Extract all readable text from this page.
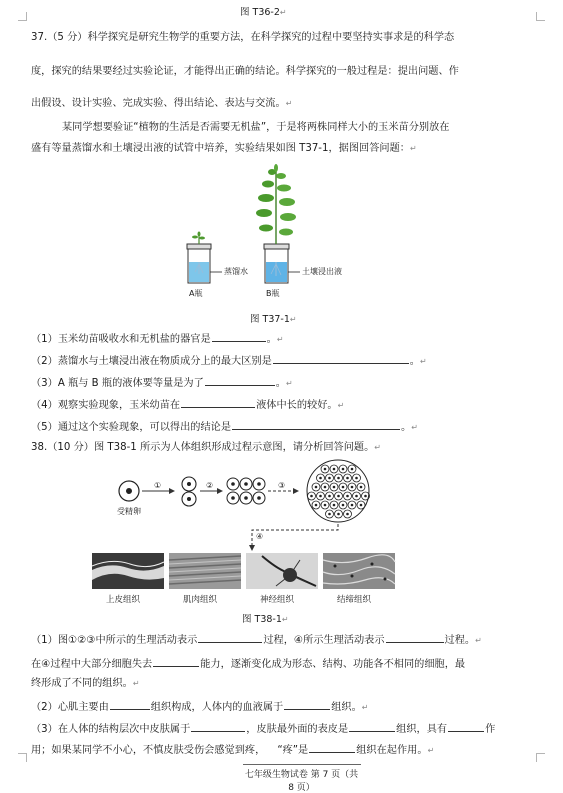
图 T36-2↵
37.（5 分）科学探究是研究生物学的重要方法，在科学探究的过程中要坚持实事求是的科学态
度，探究的结果要经过实验论证，才能得出正确的结论。科学探究的一般过程是：提出问题、作
出假设、设计实验、完成实验、得出结论、表达与交流。↵
某同学想要验证“植物的生活是否需要无机盐”，于是将两株同样大小的玉米苗分别放在
盛有等量蒸馏水和土壤浸出液的试管中培养，实验结果如图 T37-1，据图回答问题：↵
蒸馏水	土壤浸出液
A瓶	B瓶
图 T37-1↵
（1）玉米幼苗吸收水和无机盐的器官是	。↵
（2）蒸馏水与土壤浸出液在物质成分上的最大区别是	。↵
（3）A 瓶与 B 瓶的液体要等量是为了	。↵
（4）观察实验现象，玉米幼苗在	液体中长的较好。↵
（5）通过这个实验现象，可以得出的结论是	。↵
38.（10 分）图 T38-1 所示为人体组织形成过程示意图，请分析回答问题。↵
受精卵
①	②	③
④
上皮组织	肌肉组织	神经组织	结缔组织
图 T38-1↵
（1）图①②③中所示的生理活动表示	过程，④所示生理活动表示	过程。↵
在④过程中大部分细胞失去	能力，逐渐变化成为形态、结构、功能各不相同的细胞，最
终形成了不同的组织。↵
（2）心肌主要由	组织构成，人体内的血液属于	组织。↵
（3）在人体的结构层次中皮肤属于	，皮肤最外面的表皮是	组织，具有	作
用；如果某同学不小心，不慎皮肤受伤会感觉到疼， “疼”是	组织在起作用。↵
七年级生物试卷 第 7 页（共 8 页）
